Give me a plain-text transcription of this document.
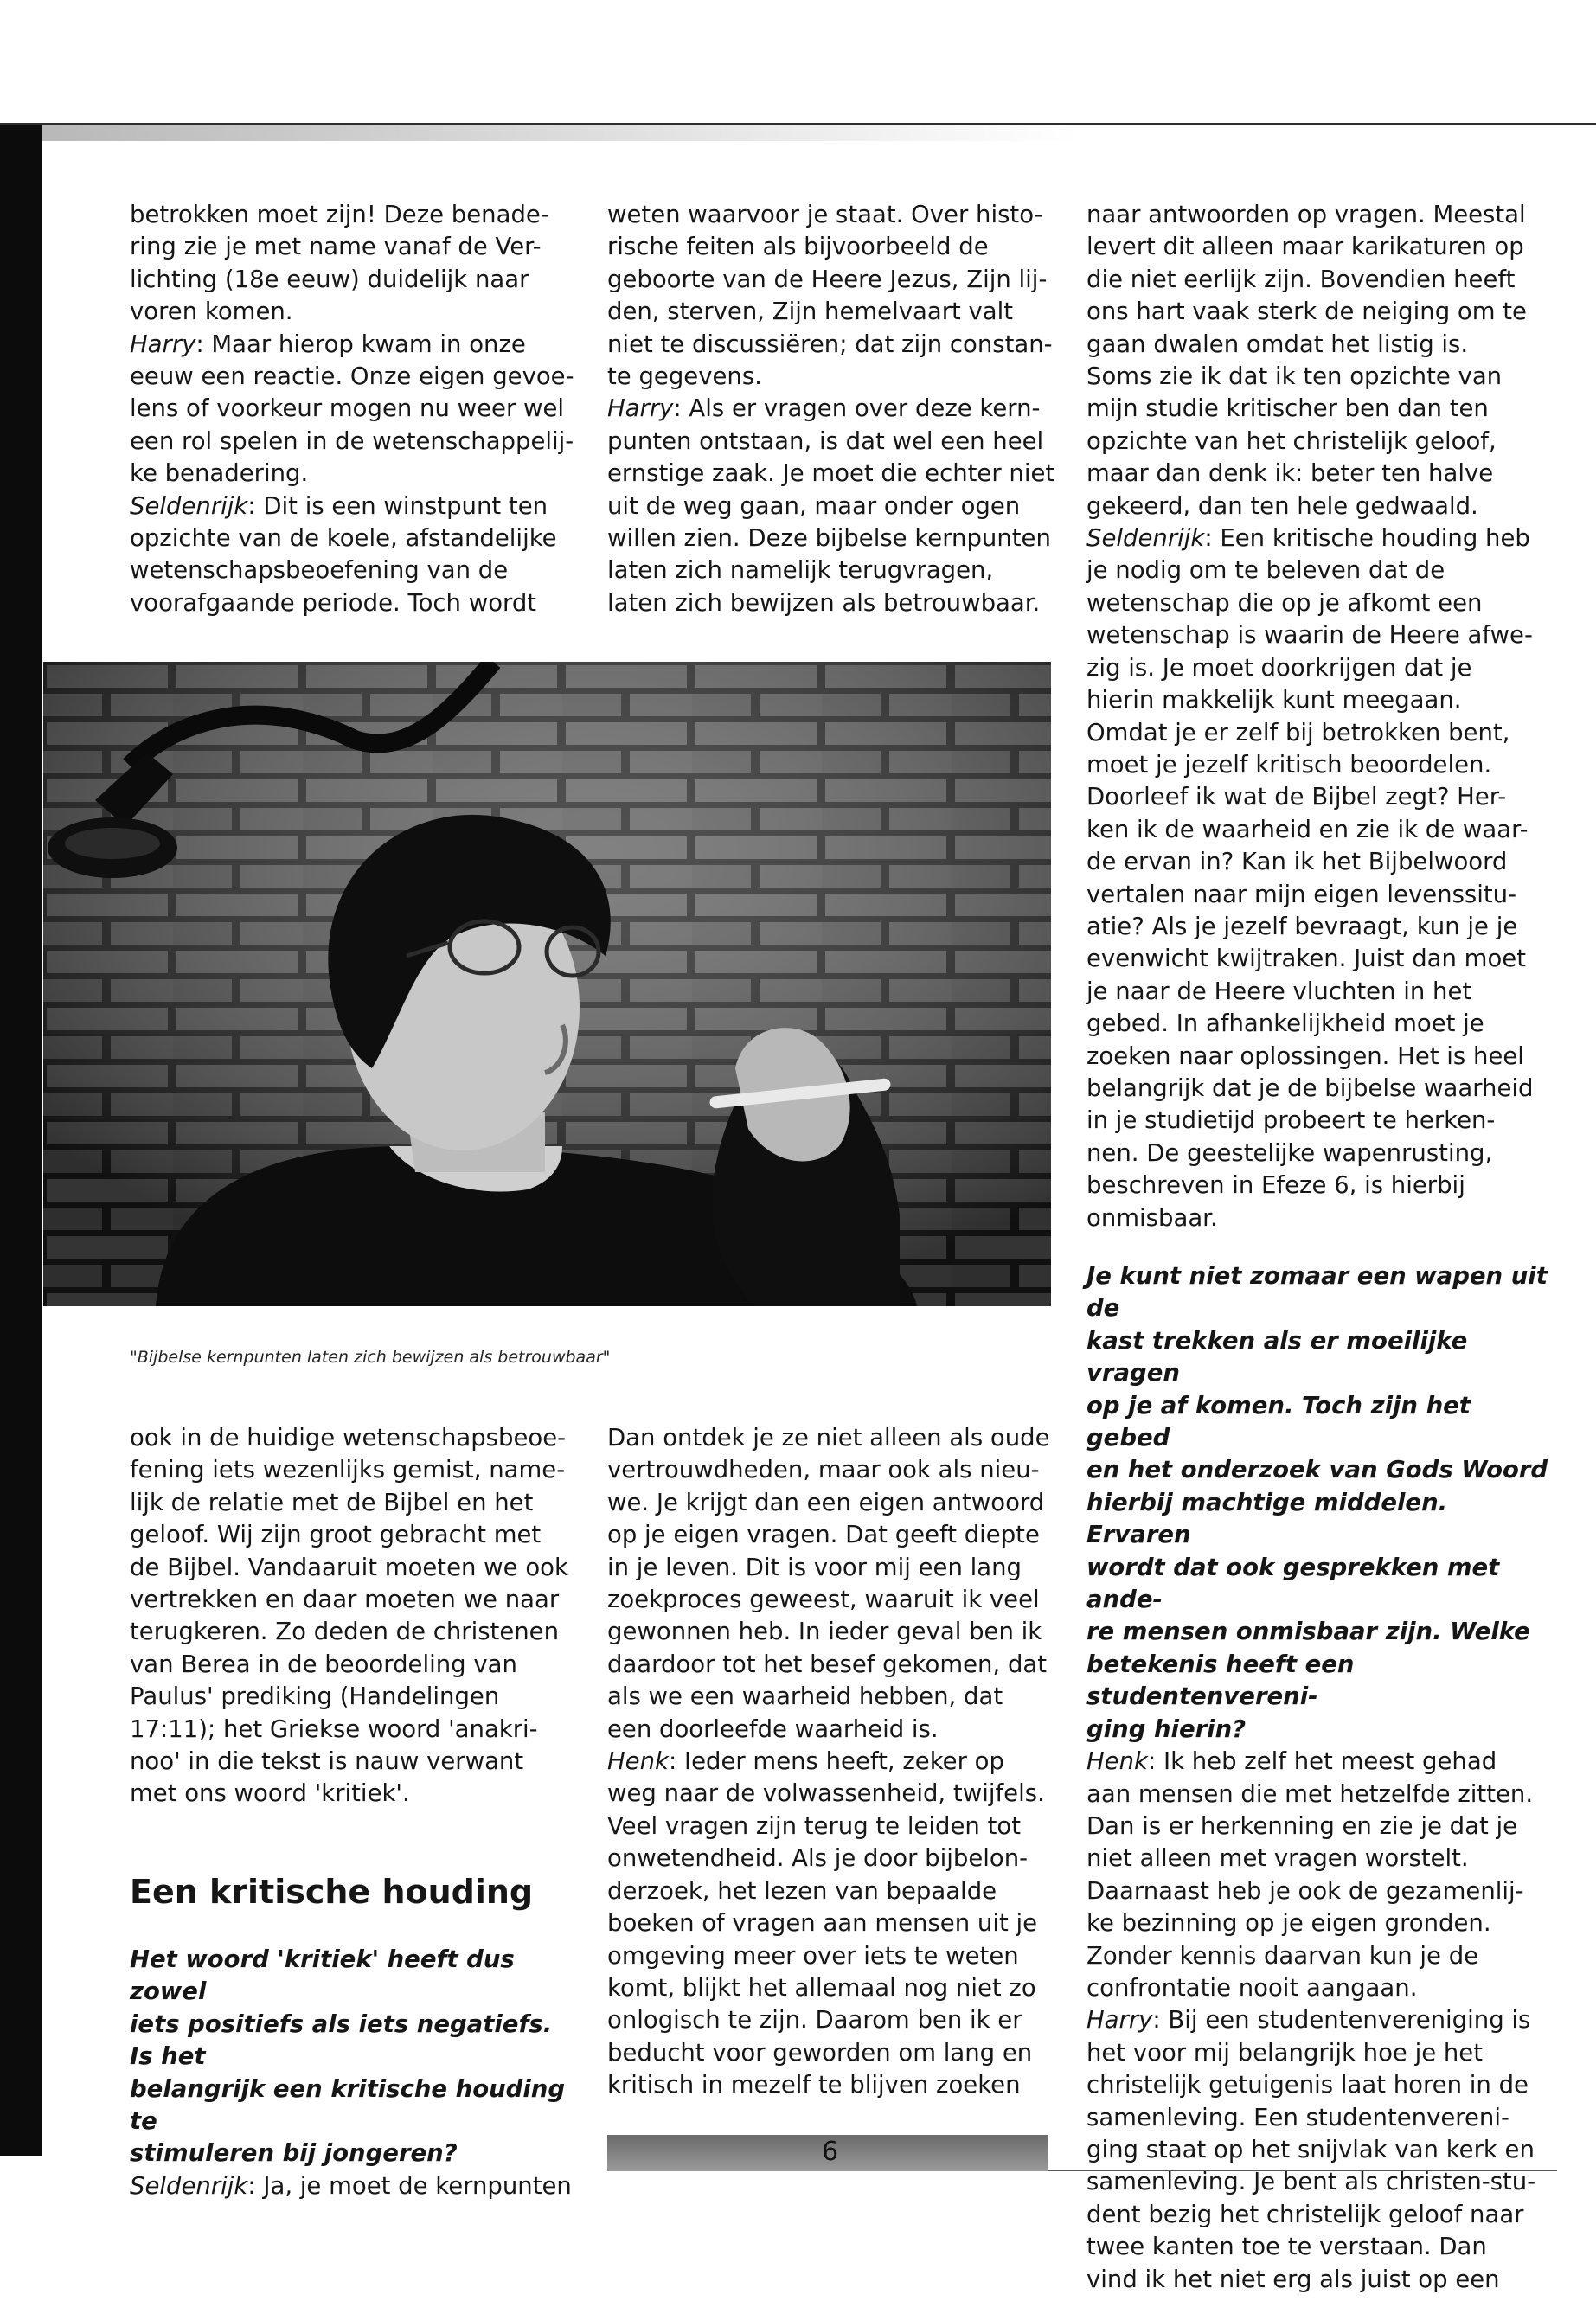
betrokken moet zijn! Deze benade-

ring zie je met name vanaf de Ver-

lichting (18e eeuw) duidelijk naar

voren komen.

Harry: Maar hierop kwam in onze

eeuw een reactie. Onze eigen gevoe-

lens of voorkeur mogen nu weer wel

een rol spelen in de wetenschappelij-

ke benadering.

Seldenrijk: Dit is een winstpunt ten

opzichte van de koele, afstandelijke

wetenschapsbeoefening van de

voorafgaande periode. Toch wordt

weten waarvoor je staat. Over histo-

rische feiten als bijvoorbeeld de

geboorte van de Heere Jezus, Zijn lij-

den, sterven, Zijn hemelvaart valt

niet te discussiëren; dat zijn constan-

te gegevens.

Harry: Als er vragen over deze kern-

punten ontstaan, is dat wel een heel

ernstige zaak. Je moet die echter niet

uit de weg gaan, maar onder ogen

willen zien. Deze bijbelse kernpunten

laten zich namelijk terugvragen,

laten zich bewijzen als betrouwbaar.

naar antwoorden op vragen. Meestal

levert dit alleen maar karikaturen op

die niet eerlijk zijn. Bovendien heeft

ons hart vaak sterk de neiging om te

gaan dwalen omdat het listig is.

Soms zie ik dat ik ten opzichte van

mijn studie kritischer ben dan ten

opzichte van het christelijk geloof,

maar dan denk ik: beter ten halve

gekeerd, dan ten hele gedwaald.

Seldenrijk: Een kritische houding heb

je nodig om te beleven dat de

wetenschap die op je afkomt een

wetenschap is waarin de Heere afwe-

zig is. Je moet doorkrijgen dat je

hierin makkelijk kunt meegaan.

Omdat je er zelf bij betrokken bent,

moet je jezelf kritisch beoordelen.

Doorleef ik wat de Bijbel zegt? Her-

ken ik de waarheid en zie ik de waar-

de ervan in? Kan ik het Bijbelwoord

vertalen naar mijn eigen levenssitu-

atie? Als je jezelf bevraagt, kun je je

evenwicht kwijtraken. Juist dan moet

je naar de Heere vluchten in het

gebed. In afhankelijkheid moet je

zoeken naar oplossingen. Het is heel

belangrijk dat je de bijbelse waarheid

in je studietijd probeert te herken-

nen. De geestelijke wapenrusting,

beschreven in Efeze 6, is hierbij

onmisbaar.

Je kunt niet zomaar een wapen uit de

kast trekken als er moeilijke vragen

op je af komen. Toch zijn het gebed

en het onderzoek van Gods Woord

hierbij machtige middelen. Ervaren

wordt dat ook gesprekken met ande-

re mensen onmisbaar zijn. Welke

betekenis heeft een studentenvereni-

ging hierin?

Henk: Ik heb zelf het meest gehad

aan mensen die met hetzelfde zitten.

Dan is er herkenning en zie je dat je

niet alleen met vragen worstelt.

Daarnaast heb je ook de gezamenlij-

ke bezinning op je eigen gronden.

Zonder kennis daarvan kun je de

confrontatie nooit aangaan.

Harry: Bij een studentenvereniging is

het voor mij belangrijk hoe je het

christelijk getuigenis laat horen in de

samenleving. Een studentenvereni-

ging staat op het snijvlak van kerk en

samenleving. Je bent als christen-stu-

dent bezig het christelijk geloof naar

twee kanten toe te verstaan. Dan

vind ik het niet erg als juist op een

"Bijbelse kernpunten laten zich bewijzen als betrouwbaar"

ook in de huidige wetenschapsbeoe-

fening iets wezenlijks gemist, name-

lijk de relatie met de Bijbel en het

geloof. Wij zijn groot gebracht met

de Bijbel. Vandaaruit moeten we ook

vertrekken en daar moeten we naar

terugkeren. Zo deden de christenen

van Berea in de beoordeling van

Paulus' prediking (Handelingen

17:11); het Griekse woord 'anakri-

noo' in die tekst is nauw verwant

met ons woord 'kritiek'.

Een kritische houding

Het woord 'kritiek' heeft dus zowel

iets positiefs als iets negatiefs. Is het

belangrijk een kritische houding te

stimuleren bij jongeren?

Seldenrijk: Ja, je moet de kernpunten

Dan ontdek je ze niet alleen als oude

vertrouwdheden, maar ook als nieu-

we. Je krijgt dan een eigen antwoord

op je eigen vragen. Dat geeft diepte

in je leven. Dit is voor mij een lang

zoekproces geweest, waaruit ik veel

gewonnen heb. In ieder geval ben ik

daardoor tot het besef gekomen, dat

als we een waarheid hebben, dat

een doorleefde waarheid is.

Henk: Ieder mens heeft, zeker op

weg naar de volwassenheid, twijfels.

Veel vragen zijn terug te leiden tot

onwetendheid. Als je door bijbelon-

derzoek, het lezen van bepaalde

boeken of vragen aan mensen uit je

omgeving meer over iets te weten

komt, blijkt het allemaal nog niet zo

onlogisch te zijn. Daarom ben ik er

beducht voor geworden om lang en

kritisch in mezelf te blijven zoeken

6
